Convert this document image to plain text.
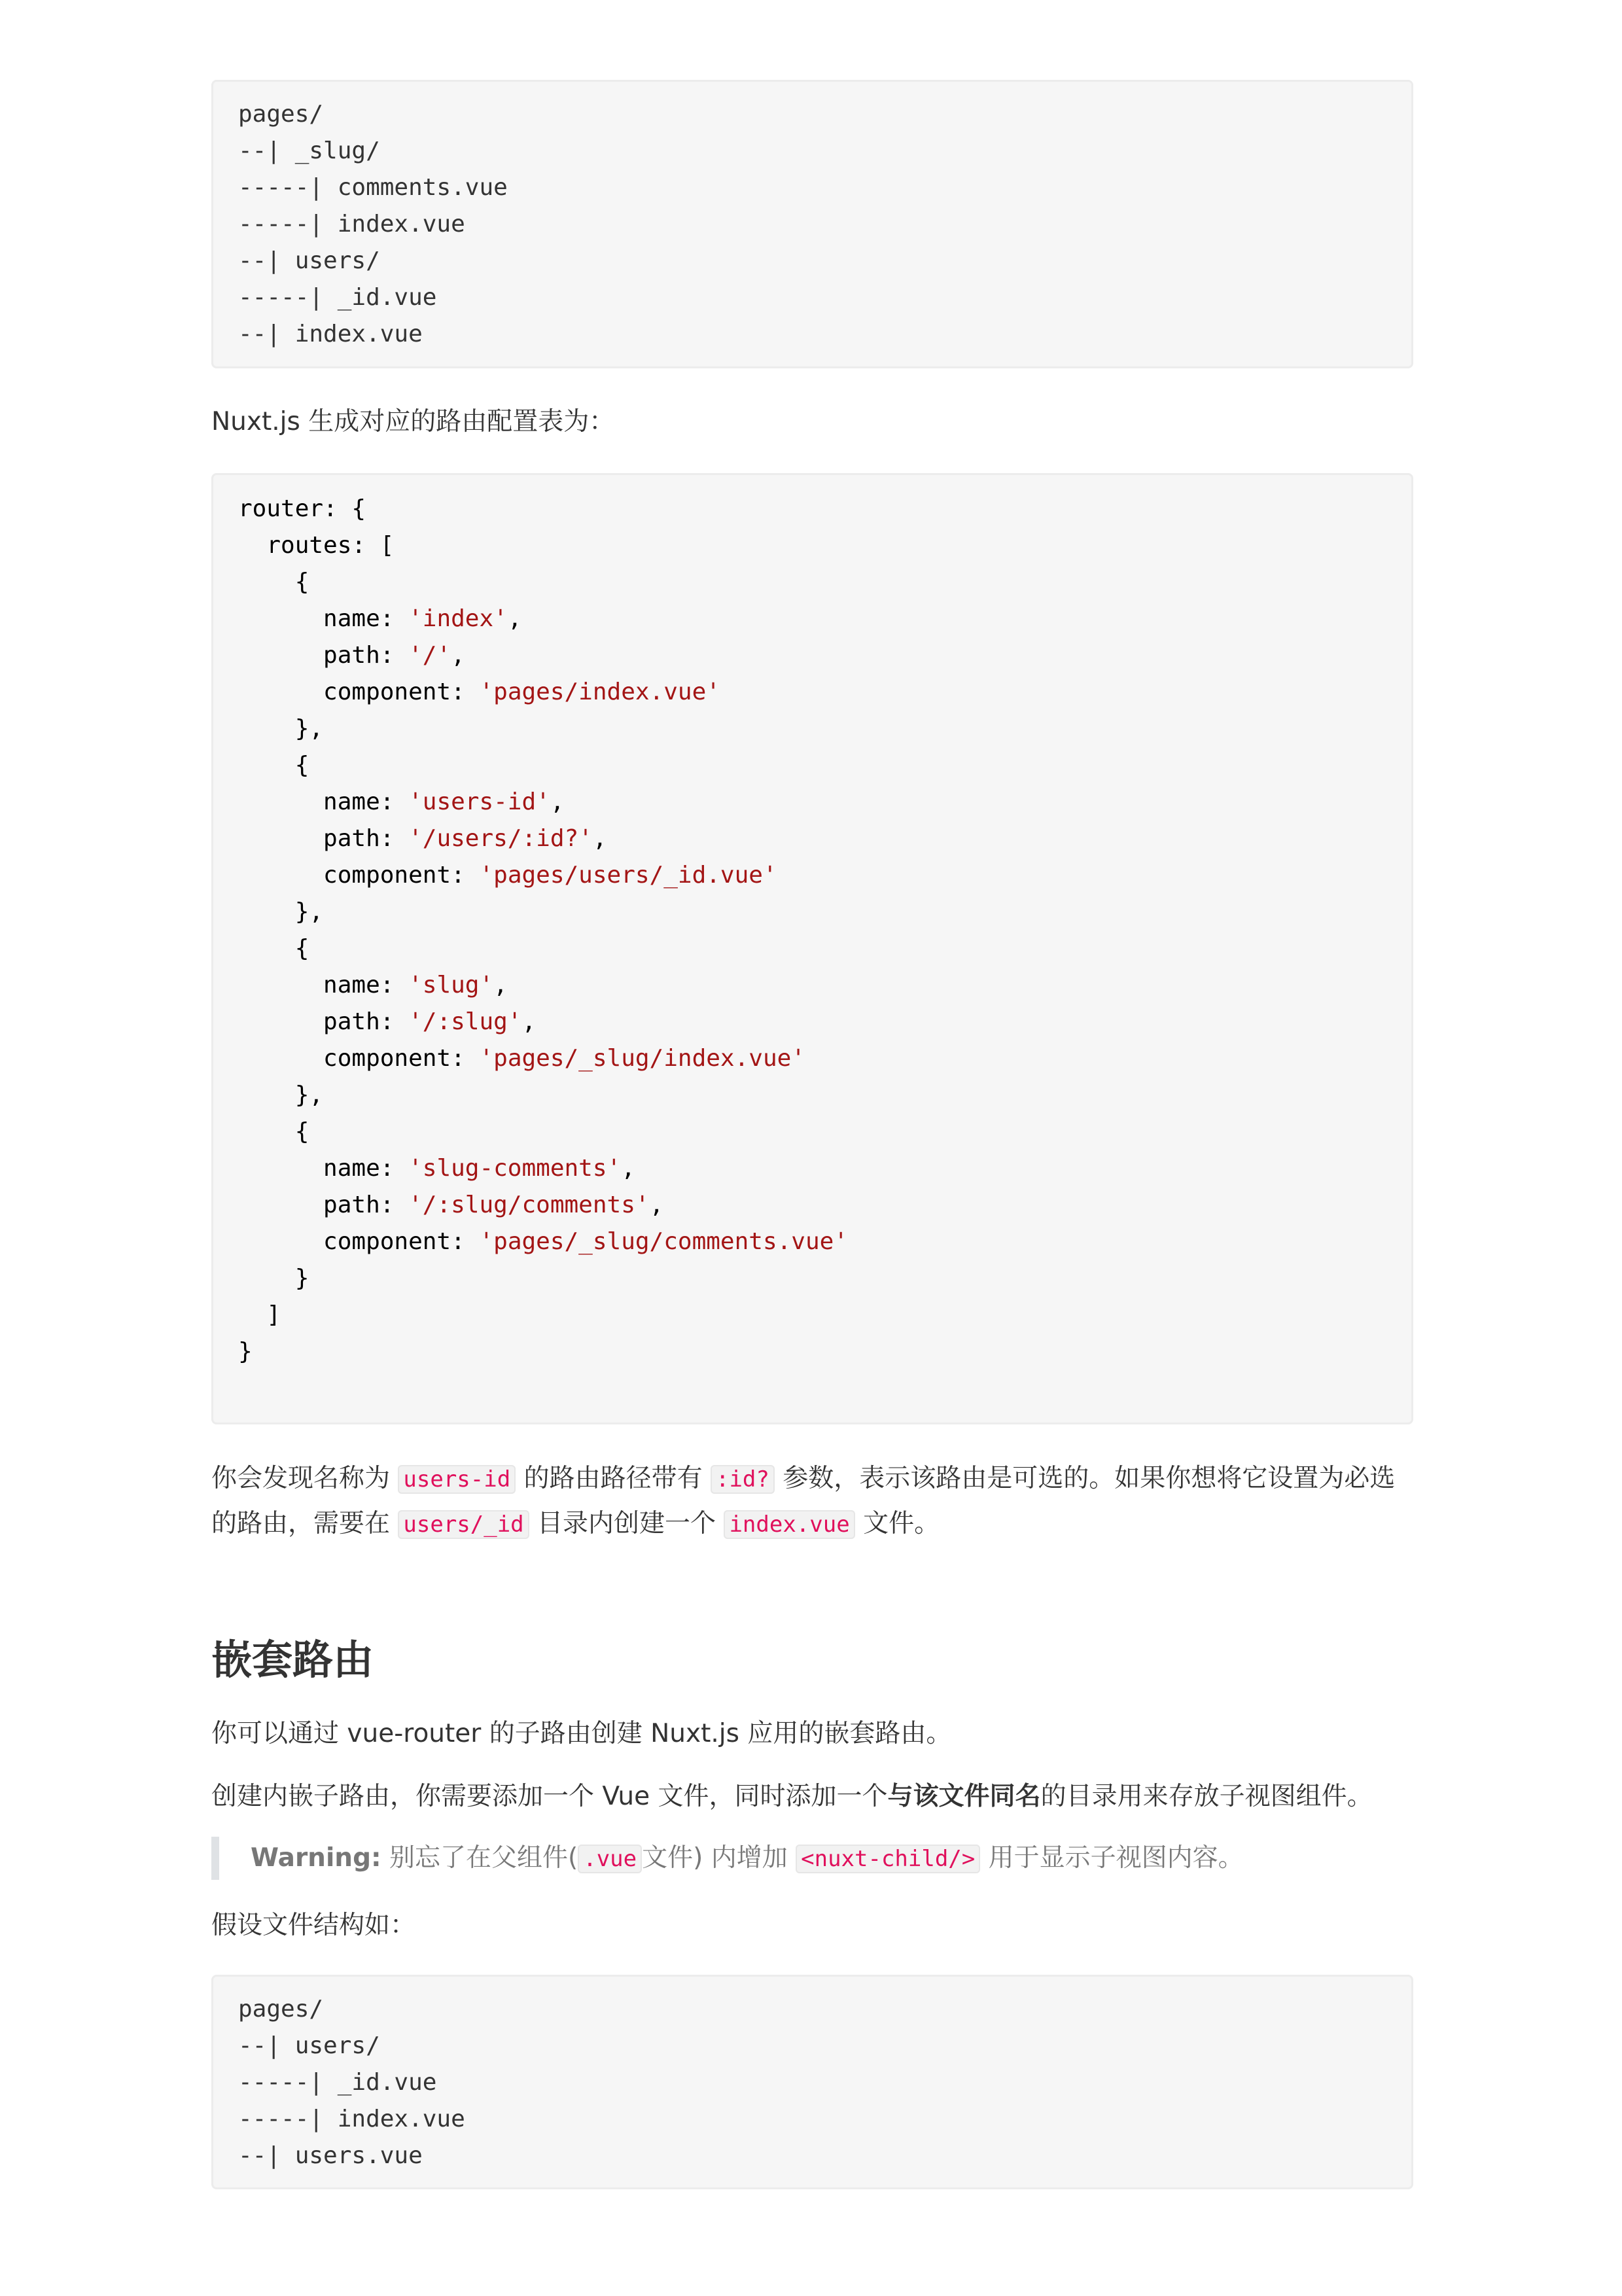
pages/
--| _slug/
-----| comments.vue
-----| index.vue
--| users/
-----| _id.vue
--| index.vue

Nuxt.js 生成对应的路由配置表为：

router: {
routes: [
{
name: 'index',
path: '/',
component: 'pages/index.vue'
},
{
name: 'users-id',
path: '/users/:id?',
component: 'pages/users/_id.vue'
},
{
name: 'slug',
path: '/:slug',
component: 'pages/_slug/index.vue'
},
{
name: 'slug-comments',
path: '/:slug/comments',
component: 'pages/_slug/comments.vue'
}
]
}

你会发现名称为 users-id 的路由路径带有 :id? 参数，表示该路由是可选的。如果你想将它设置为必选的路由，需要在 users/_id 目录内创建一个 index.vue 文件。

嵌套路由

你可以通过 vue-router 的子路由创建 Nuxt.js 应用的嵌套路由。

创建内嵌子路由，你需要添加一个 Vue 文件，同时添加一个与该文件同名的目录用来存放子视图组件。

Warning: 别忘了在父组件( .vue 文件) 内增加 <nuxt-child/> 用于显示子视图内容。

假设文件结构如：

pages/
--| users/
-----| _id.vue
-----| index.vue
--| users.vue
